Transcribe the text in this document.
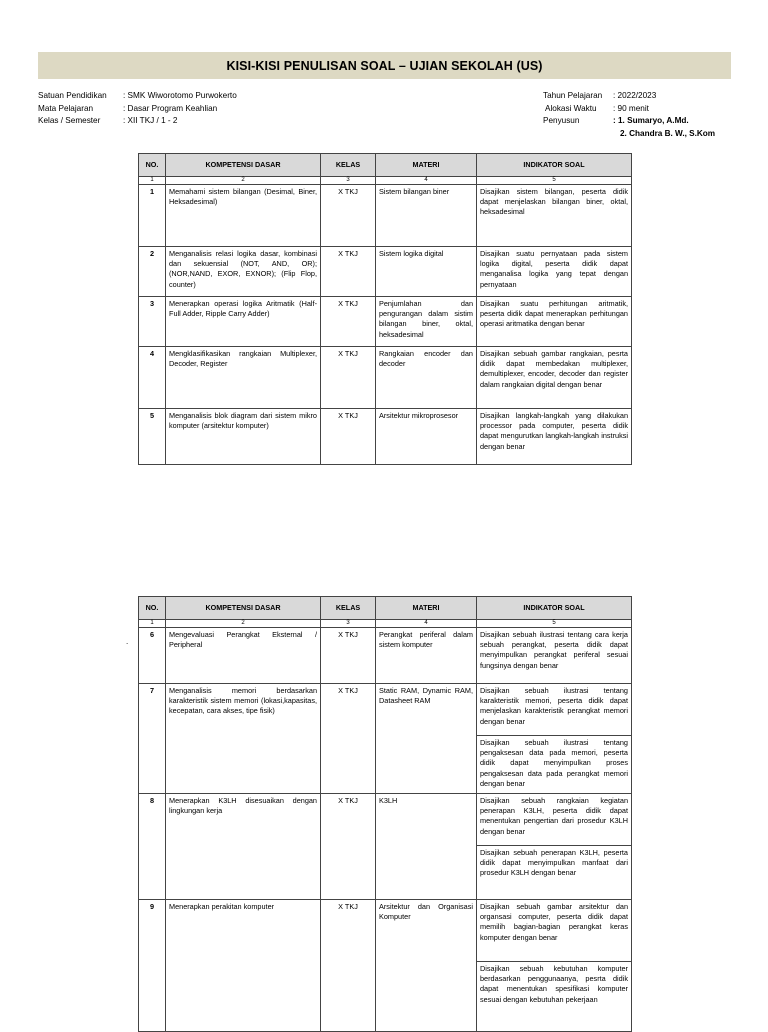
KISI-KISI PENULISAN SOAL – UJIAN SEKOLAH (US)
Satuan Pendidikan	: SMK Wiworotomo Purwokerto
Mata Pelajaran	: Dasar Program Keahlian
Kelas / Semester	: XII TKJ / 1 - 2
Tahun Pelajaran	: 2022/2023
Alokasi Waktu	: 90 menit
Penyusun	: 1. Sumaryo, A.Md.
2. Chandra B. W., S.Kom
NO.	KOMPETENSI DASAR	KELAS	MATERI	INDIKATOR SOAL
1	2	3	4	5
1	Memahami sistem bilangan (Desimal, Biner, Heksadesimal)	X TKJ	Sistem bilangan biner	Disajikan sistem bilangan, peserta didik dapat menjelaskan bilangan biner, oktal, heksadesimal
2	Menganalisis relasi logika dasar, kombinasi dan sekuensial (NOT, AND, OR); (NOR,NAND, EXOR, EXNOR); (Flip Flop, counter)	X TKJ	Sistem logika digital	Disajikan suatu pernyataan pada sistem logika digital, peserta didik dapat menganalisa logika yang tepat dengan pernyataan
3	Menerapkan operasi logika Aritmatik (Half-Full Adder, Ripple Carry Adder)	X TKJ	Penjumlahan dan pengurangan dalam sistim bilangan biner, oktal, heksadesimal	Disajikan suatu perhitungan aritmatik, peserta didik dapat menerapkan perhitungan operasi aritmatika dengan benar
4	Mengklasifikasikan rangkaian Multiplexer, Decoder, Register	X TKJ	Rangkaian encoder dan decoder	Disajikan sebuah gambar rangkaian, pesrta didik dapat membedakan multiplexer, demultiplexer, encoder, decoder dan register dalam rangkaian digital dengan benar
5	Menganalisis blok diagram dari sistem mikro komputer (arsitektur komputer)	X TKJ	Arsitektur mikroprosesor	Disajikan langkah-langkah yang dilakukan processor pada computer, peserta didik dapat mengurutkan langkah-langkah instruksi dengan benar
.
NO.	KOMPETENSI DASAR	KELAS	MATERI	INDIKATOR SOAL
1	2	3	4	5
6	Mengevaluasi Perangkat Eksternal / Peripheral	X TKJ	Perangkat periferal dalam sistem komputer	Disajikan sebuah ilustrasi tentang cara kerja sebuah perangkat, peserta didik dapat menyimpulkan perangkat periferal sesuai fungsinya dengan benar
7	Menganalisis memori berdasarkan karakteristik sistem memori (lokasi,kapasitas, kecepatan, cara akses, tipe fisik)	X TKJ	Static RAM, Dynamic RAM, Datasheet RAM	Disajikan sebuah ilustrasi tentang karakteristik memori, peserta didik dapat menjelaskan karakteristik perangkat memori dengan benar
				Disajikan sebuah ilustrasi tentang pengaksesan data pada memori, peserta didik dapat menyimpulkan proses pengaksesan data pada perangkat memori dengan benar
8	Menerapkan K3LH disesuaikan dengan lingkungan kerja	X TKJ	K3LH	Disajikan sebuah rangkaian kegiatan penerapan K3LH, peserta didik dapat menentukan pengertian dari prosedur K3LH dengan benar
				Disajikan sebuah penerapan K3LH, peserta didik dapat menyimpulkan manfaat dari prosedur K3LH dengan benar
9	Menerapkan perakitan komputer	X TKJ	Arsitektur dan Organisasi Komputer	Disajikan sebuah gambar arsitektur dan organsasi computer, peserta didik dapat memilih bagian-bagian perangkat keras komputer dengan benar
				Disajikan sebuah kebutuhan komputer berdasarkan penggunaanya, pesrta didik dapat menentukan spesifikasi komputer sesuai dengan kebutuhan pekerjaan
